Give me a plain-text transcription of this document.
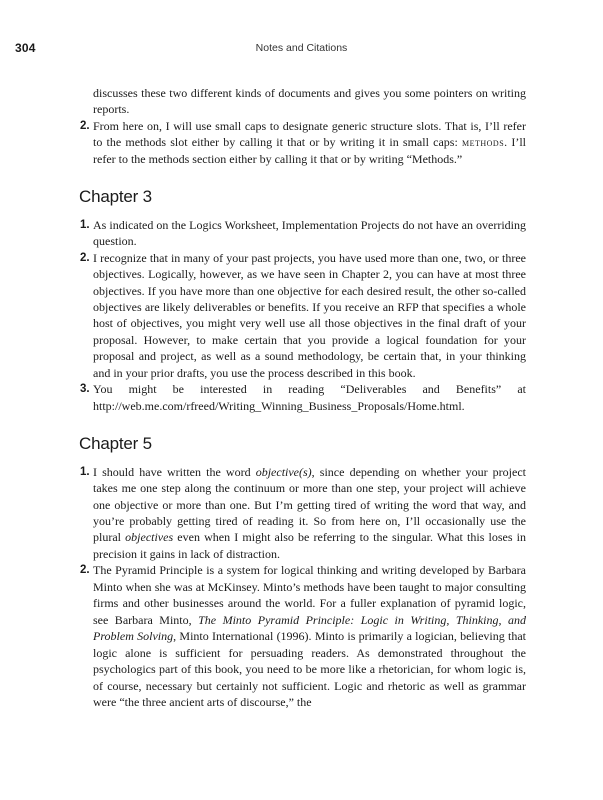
304	Notes and Citations

discusses these two different kinds of documents and gives you some pointers on writing reports.

2. From here on, I will use small caps to designate generic structure slots. That is, I’ll refer to the methods slot either by calling it that or by writing it in small caps: methods. I’ll refer to the methods section either by calling it that or by writing “Methods.”
Chapter 3
1. As indicated on the Logics Worksheet, Implementation Projects do not have an overriding question.
2. I recognize that in many of your past projects, you have used more than one, two, or three objectives. Logically, however, as we have seen in Chapter 2, you can have at most three objectives. If you have more than one objective for each desired result, the other so-called objectives are likely deliverables or benefits. If you receive an RFP that specifies a whole host of objectives, you might very well use all those objectives in the final draft of your proposal. However, to make certain that you provide a logical foundation for your proposal and project, as well as a sound methodology, be certain that, in your thinking and in your prior drafts, you use the process described in this book.
3. You might be interested in reading “Deliverables and Benefits” at http://web.me.com/rfreed/Writing_Winning_Business_Proposals/Home.html.
Chapter 5
1. I should have written the word objective(s), since depending on whether your project takes me one step along the continuum or more than one step, your project will achieve one objective or more than one. But I’m getting tired of writing the word that way, and you’re probably getting tired of reading it. So from here on, I’ll occasionally use the plural objectives even when I might also be referring to the singular. What this loses in precision it gains in lack of distraction.
2. The Pyramid Principle is a system for logical thinking and writing developed by Barbara Minto when she was at McKinsey. Minto’s methods have been taught to major consulting firms and other businesses around the world. For a fuller explanation of pyramid logic, see Barbara Minto, The Minto Pyramid Principle: Logic in Writing, Thinking, and Problem Solving, Minto International (1996). Minto is primarily a logician, believing that logic alone is sufficient for persuading readers. As demonstrated throughout the psychologics part of this book, you need to be more like a rhetorician, for whom logic is, of course, necessary but certainly not sufficient. Logic and rhetoric as well as grammar were “the three ancient arts of discourse,” the
